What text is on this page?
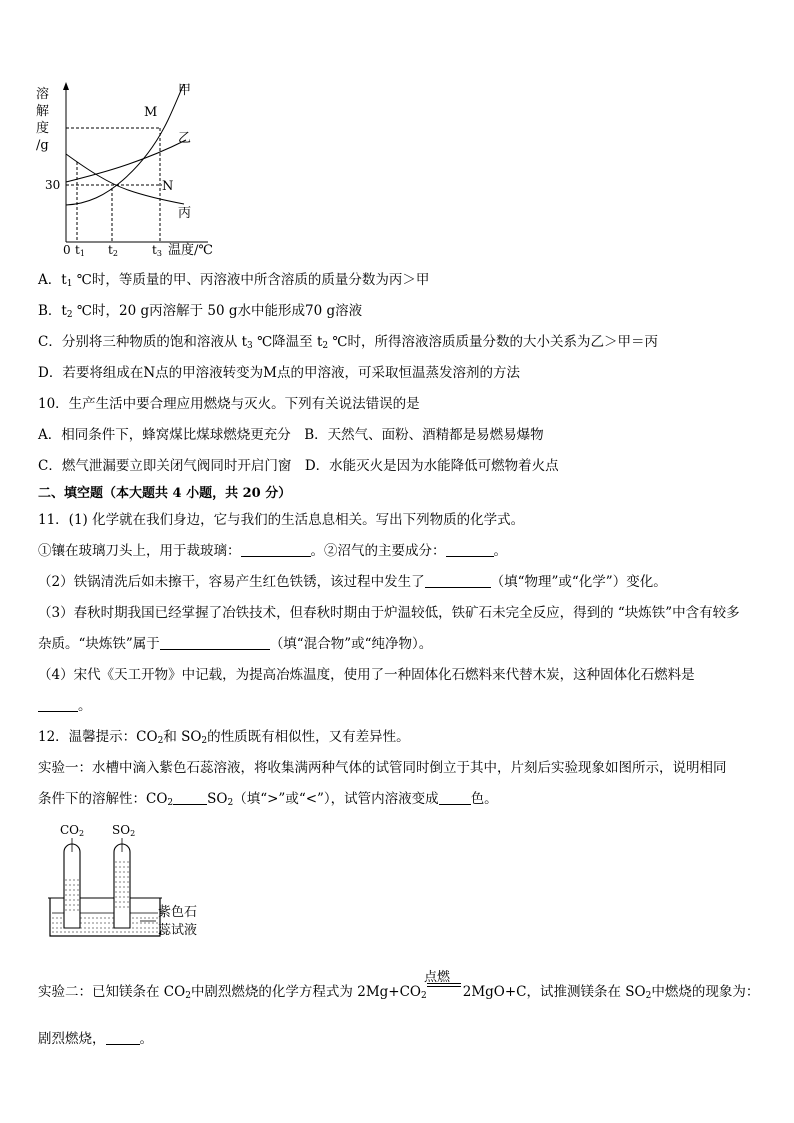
溶
解
度
/g
30
0 t1 t2	t3 温度/℃
甲
乙
丙
M
N
A．$t_1$ ℃时，等质量的甲、丙溶液中所含溶质的质量分数为丙＞甲
B．$t_2$ ℃时，20 g丙溶解于 50 g水中能形成70 g溶液
C．分别将三种物质的饱和溶液从 $t_3$ ℃降温至 $t_2$ ℃时，所得溶液溶质质量分数的大小关系为乙＞甲＝丙
D．若要将组成在N点的甲溶液转变为M点的甲溶液，可采取恒温蒸发溶剂的方法
10．生产生活中要合理应用燃烧与灭火。下列有关说法错误的是
A．相同条件下，蜂窝煤比煤球燃烧更充分　B．天然气、面粉、酒精都是易燃易爆物
C．燃气泄漏要立即关闭气阀同时开启门窗　D．水能灭火是因为水能降低可燃物着火点
二、填空题（本大题共 4 小题，共 20 分）
11．(1) 化学就在我们身边，它与我们的生活息息相关。写出下列物质的化学式。
①镶在玻璃刀头上，用于裁玻璃：	。②沼气的主要成分：	。
（2）铁锅清洗后如未擦干，容易产生红色铁锈，该过程中发生了	（填“物理”或“化学”）变化。
（3）春秋时期我国已经掌握了冶铁技术，但春秋时期由于炉温较低，铁矿石未完全反应，得到的 “块炼铁”中含有较多
杂质。“块炼铁”属于	（填“混合物”或“纯净物）。
（4）宋代《天工开物》中记载，为提高冶炼温度，使用了一种固体化石燃料来代替木炭，这种固体化石燃料是
。
12．温馨提示：$CO_2$和 $SO_2$的性质既有相似性，又有差异性。
实验一：水槽中滴入紫色石蕊溶液，将收集满两种气体的试管同时倒立于其中，片刻后实验现象如图所示，说明相同
条件下的溶解性：$CO_2$	$SO_2$（填“>”或“<”），试管内溶液变成 色。
CO2 SO2
紫色石
蕊试液
点燃
实验二：已知镁条在 $CO_2$中剧烈燃烧的化学方程式为 $2Mg+CO_2$	2MgO+C，试推测镁条在 $SO_2$中燃烧的现象为：
剧烈燃烧，	。
